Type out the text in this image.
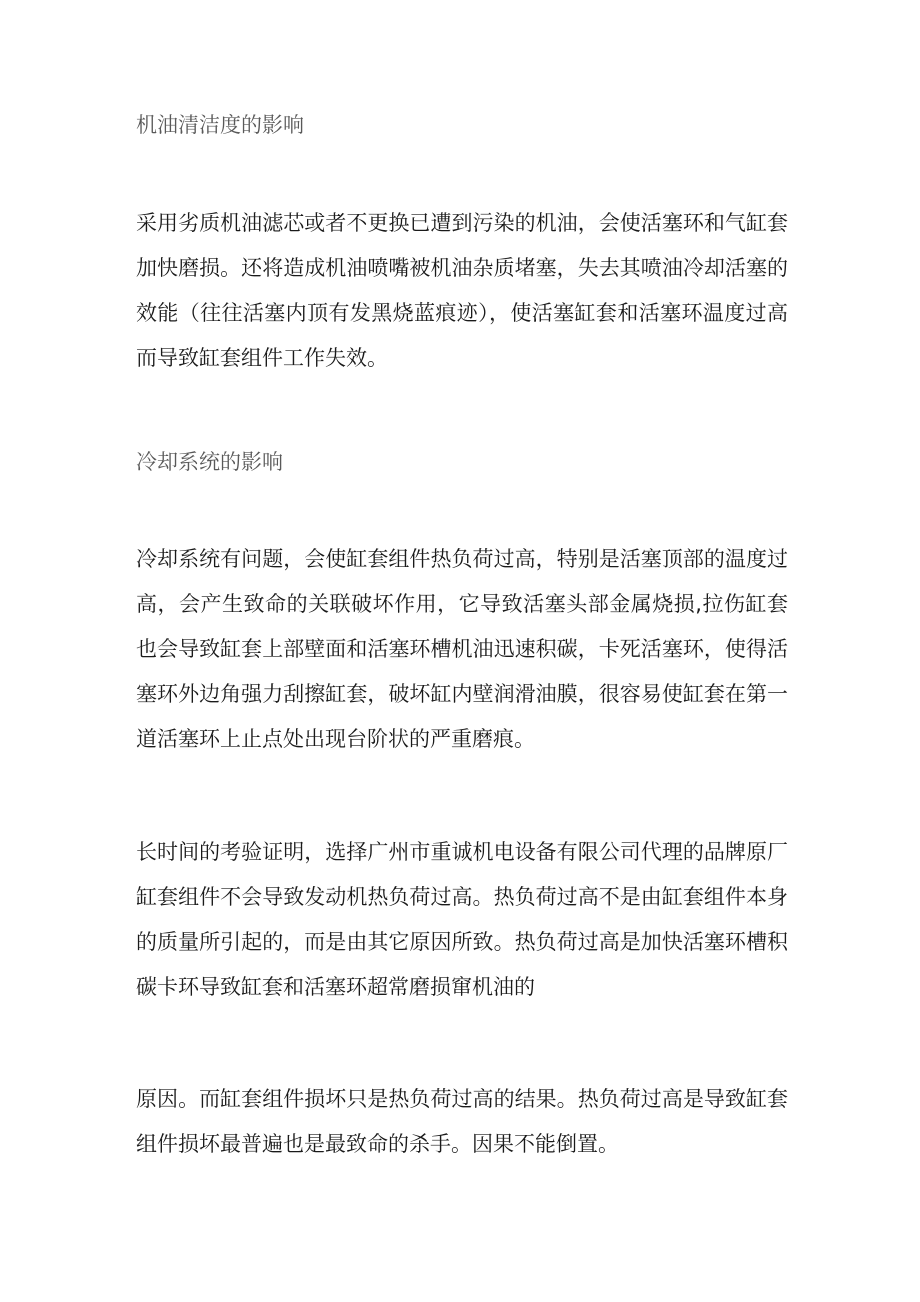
机油清洁度的影响

采用劣质机油滤芯或者不更换已遭到污染的机油，会使活塞环和气缸套加快磨损。还将造成机油喷嘴被机油杂质堵塞，失去其喷油冷却活塞的效能（往往活塞内顶有发黑烧蓝痕迹），使活塞缸套和活塞环温度过高而导致缸套组件工作失效。

冷却系统的影响

冷却系统有问题，会使缸套组件热负荷过高，特别是活塞顶部的温度过高，会产生致命的关联破坏作用，它导致活塞头部金属烧损,拉伤缸套也会导致缸套上部壁面和活塞环槽机油迅速积碳，卡死活塞环，使得活塞环外边角强力刮擦缸套，破坏缸内壁润滑油膜，很容易使缸套在第一道活塞环上止点处出现台阶状的严重磨痕。

长时间的考验证明，选择广州市重诚机电设备有限公司代理的品牌原厂缸套组件不会导致发动机热负荷过高。热负荷过高不是由缸套组件本身的质量所引起的，而是由其它原因所致。热负荷过高是加快活塞环槽积碳卡环导致缸套和活塞环超常磨损窜机油的

原因。而缸套组件损坏只是热负荷过高的结果。热负荷过高是导致缸套组件损坏最普遍也是最致命的杀手。因果不能倒置。
